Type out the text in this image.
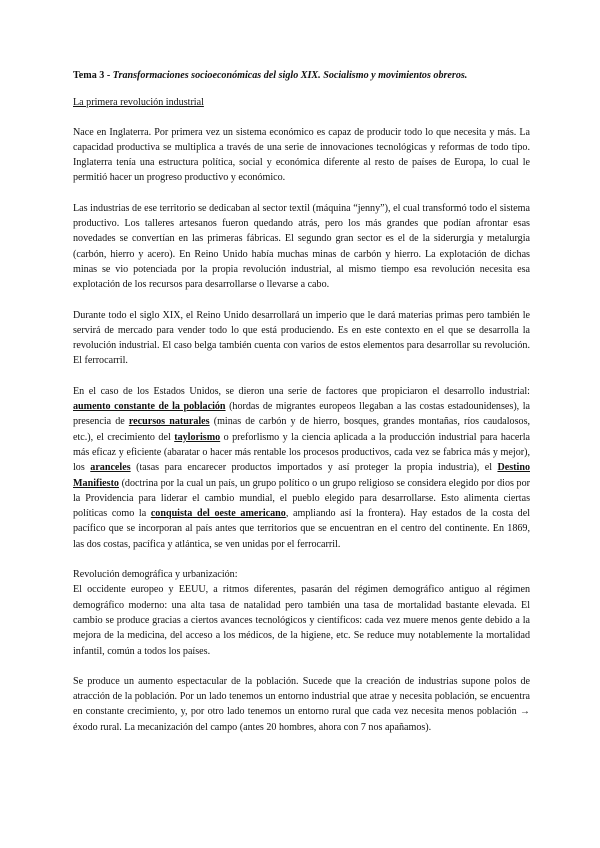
Tema 3 - Transformaciones socioeconómicas del siglo XIX. Socialismo y movimientos obreros.
La primera revolución industrial

Nace en Inglaterra. Por primera vez un sistema económico es capaz de producir todo lo que necesita y más. La capacidad productiva se multiplica a través de una serie de innovaciones tecnológicas y reformas de todo tipo. Inglaterra tenía una estructura política, social y económica diferente al resto de países de Europa, lo cual le permitió hacer un progreso productivo y económico.

Las industrias de ese territorio se dedicaban al sector textil (máquina “jenny”), el cual transformó todo el sistema productivo. Los talleres artesanos fueron quedando atrás, pero los más grandes que podían afrontar esas novedades se convertían en las primeras fábricas. El segundo gran sector es el de la siderurgia y metalurgia (carbón, hierro y acero). En Reino Unido había muchas minas de carbón y hierro. La explotación de dichas minas se vio potenciada por la propia revolución industrial, al mismo tiempo esa revolución necesita esa explotación de los recursos para desarrollarse o llevarse a cabo.

Durante todo el siglo XIX, el Reino Unido desarrollará un imperio que le dará materias primas pero también le servirá de mercado para vender todo lo que está produciendo. Es en este contexto en el que se desarrolla la revolución industrial. El caso belga también cuenta con varios de estos elementos para desarrollar su revolución. El ferrocarril.

En el caso de los Estados Unidos, se dieron una serie de factores que propiciaron el desarrollo industrial: aumento constante de la población (hordas de migrantes europeos llegaban a las costas estadounidenses), la presencia de recursos naturales (minas de carbón y de hierro, bosques, grandes montañas, ríos caudalosos, etc.), el crecimiento del taylorismo o preforlismo y la ciencia aplicada a la producción industrial para hacerla más eficaz y eficiente (abaratar o hacer más rentable los procesos productivos, cada vez se fabrica más y mejor), los aranceles (tasas para encarecer productos importados y así proteger la propia industria), el Destino Manifiesto (doctrina por la cual un país, un grupo político o un grupo religioso se considera elegido por dios por la Providencia para liderar el cambio mundial, el pueblo elegido para desarrollarse. Esto alimenta ciertas políticas como la conquista del oeste americano, ampliando así la frontera). Hay estados de la costa del pacífico que se incorporan al país antes que territorios que se encuentran en el centro del continente. En 1869, las dos costas, pacífica y atlántica, se ven unidas por el ferrocarril.

Revolución demográfica y urbanización:

El occidente europeo y EEUU, a ritmos diferentes, pasarán del régimen demográfico antiguo al régimen demográfico moderno: una alta tasa de natalidad pero también una tasa de mortalidad bastante elevada. El cambio se produce gracias a ciertos avances tecnológicos y científicos: cada vez muere menos gente debido a la mejora de la medicina, del acceso a los médicos, de la higiene, etc. Se reduce muy notablemente la mortalidad infantil, común a todos los países.

Se produce un aumento espectacular de la población. Sucede que la creación de industrias supone polos de atracción de la población. Por un lado tenemos un entorno industrial que atrae y necesita población, se encuentra en constante crecimiento, y, por otro lado tenemos un entorno rural que cada vez necesita menos población → éxodo rural. La mecanización del campo (antes 20 hombres, ahora con 7 nos apañamos).
